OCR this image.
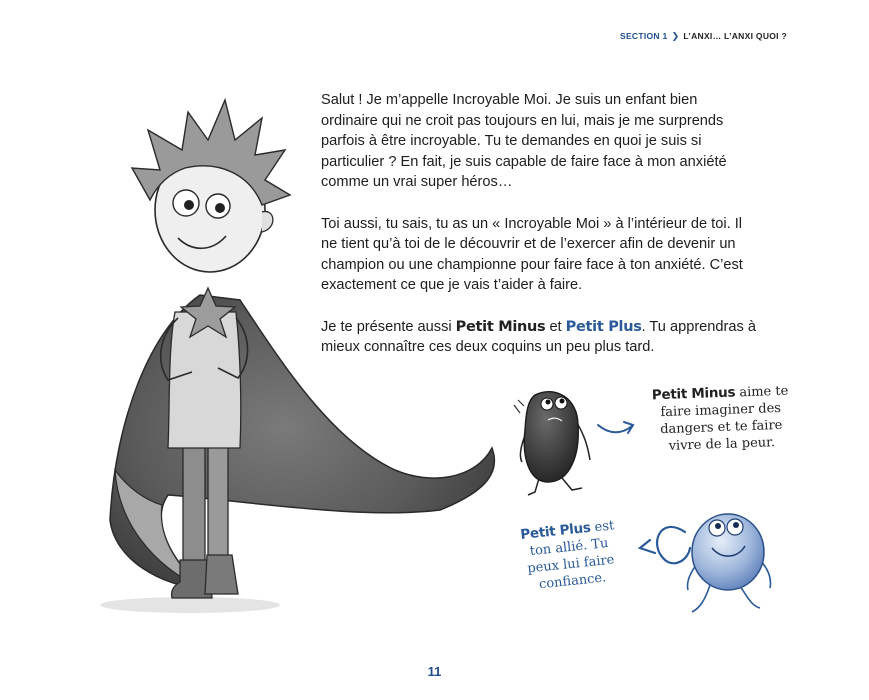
SECTION 1 ❯ L’ANXI… L’ANXI QUOI ?

Salut ! Je m’appelle Incroyable Moi. Je suis un enfant bien
ordinaire qui ne croit pas toujours en lui, mais je me surprends
parfois à être incroyable. Tu te demandes en quoi je suis si
particulier ? En fait, je suis capable de faire face à mon anxiété
comme un vrai super héros…

Toi aussi, tu sais, tu as un « Incroyable Moi » à l’intérieur de toi. Il
ne tient qu’à toi de le découvrir et de l’exercer afin de devenir un
champion ou une championne pour faire face à ton anxiété. C’est
exactement ce que je vais t’aider à faire.

Je te présente aussi Petit Minus et Petit Plus. Tu apprendras à
mieux connaître ces deux coquins un peu plus tard.

Petit Minus aime te
faire imaginer des
dangers et te faire
vivre de la peur.
Petit Plus est
ton allié. Tu
peux lui faire
confiance.
11
